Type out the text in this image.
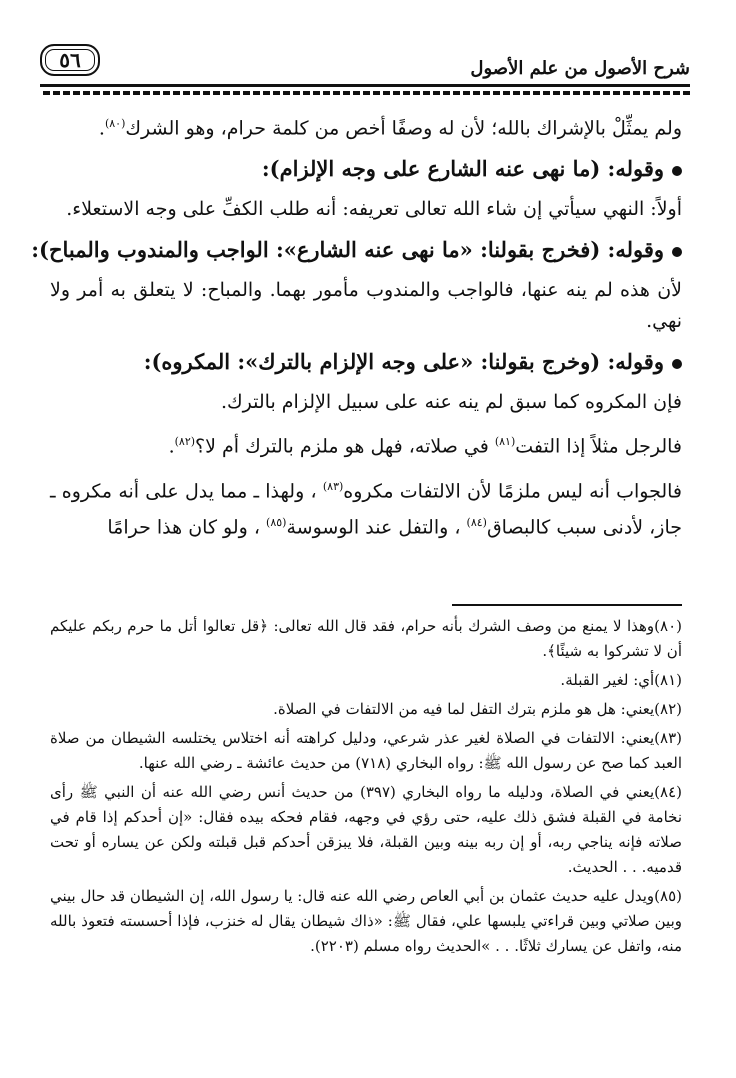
٥٦	شرح الأصول من علم الأصول

ولم يمثِّلْ بالإشراك بالله؛ لأن له وصفًا أخص من كلمة حرام، وهو الشرك$^{(٨٠)}$.

وقوله: (ما نهى عنه الشارع على وجه الإلزام):

أولاً: النهي سيأتي إن شاء الله تعالى تعريفه: أنه طلب الكفِّ على وجه الاستعلاء.

وقوله: (فخرج بقولنا: «ما نهى عنه الشارع»: الواجب والمندوب والمباح):

لأن هذه لم ينه عنها، فالواجب والمندوب مأمور بهما. والمباح: لا يتعلق به أمر ولا نهي.

وقوله: (وخرج بقولنا: «على وجه الإلزام بالترك»: المكروه):

فإن المكروه كما سبق لم ينه عنه على سبيل الإلزام بالترك.

فالرجل مثلاً إذا التفت$^{(٨١)}$ في صلاته، فهل هو ملزم بالترك أم لا؟$^{(٨٢)}$.

فالجواب أنه ليس ملزمًا لأن الالتفات مكروه$^{(٨٣)}$ ، ولهذا ـ مما يدل على أنه مكروه ـ جاز، لأدنى سبب كالبصاق$^{(٨٤)}$ ، والتفل عند الوسوسة$^{(٨٥)}$ ، ولو كان هذا حرامًا

(٨٠)وهذا لا يمنع من وصف الشرك بأنه حرام، فقد قال الله تعالى: ﴿قل تعالوا أتل ما حرم ربكم عليكم أن لا تشركوا به شيئًا﴾.

(٨١)أي: لغير القبلة.

(٨٢)يعني: هل هو ملزم بترك التفل لما فيه من الالتفات في الصلاة.

(٨٣)يعني: الالتفات في الصلاة لغير عذر شرعي، ودليل كراهته أنه اختلاس يختلسه الشيطان من صلاة العبد كما صح عن رسول الله ﷺ: رواه البخاري (٧١٨) من حديث عائشة ـ رضي الله عنها.

(٨٤)يعني في الصلاة، ودليله ما رواه البخاري (٣٩٧) من حديث أنس رضي الله عنه أن النبي ﷺ رأى نخامة في القبلة فشق ذلك عليه، حتى رؤي في وجهه، فقام فحكه بيده فقال: «إن أحدكم إذا قام في صلاته فإنه يناجي ربه، أو إن ربه بينه وبين القبلة، فلا يبزقن أحدكم قبل قبلته ولكن عن يساره أو تحت قدميه. . . الحديث.

(٨٥)ويدل عليه حديث عثمان بن أبي العاص رضي الله عنه قال: يا رسول الله، إن الشيطان قد حال بيني وبين صلاتي وبين قراءتي يلبسها علي، فقال ﷺ: «ذاك شيطان يقال له خنزب، فإذا أحسسته فتعوذ بالله منه، واتفل عن يسارك ثلاثًا. . . »الحديث رواه مسلم (٢٢٠٣).
